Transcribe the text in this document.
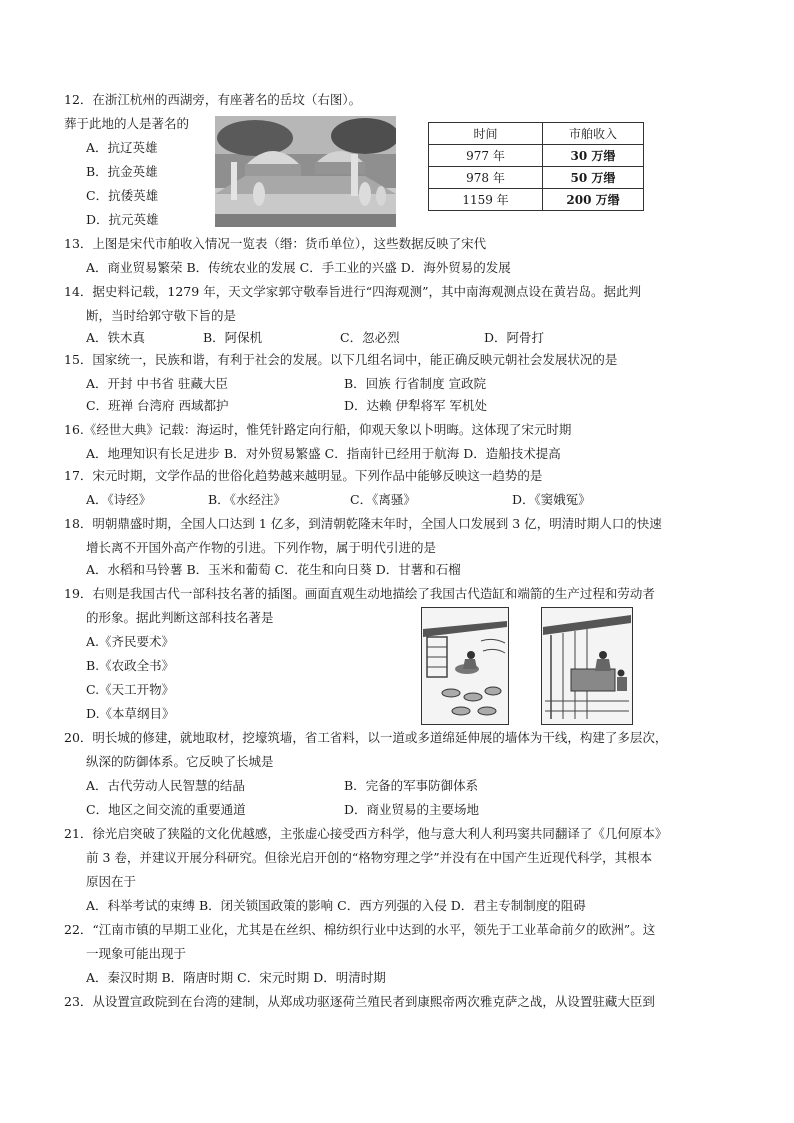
12．在浙江杭州的西湖旁，有座著名的岳坟（右图）。
葬于此地的人是著名的
A．抗辽英雄
B．抗金英雄
C．抗倭英雄
D．抗元英雄
时间	市舶收入
977 年	30 万缗
978 年	50 万缗
1159 年	200 万缗
13．上图是宋代市舶收入情况一览表（缗：货币单位），这些数据反映了宋代
A．商业贸易繁荣 B．传统农业的发展 C．手工业的兴盛 D．海外贸易的发展
14．据史料记载，1279 年，天文学家郭守敬奉旨进行“四海观测”，其中南海观测点设在黄岩岛。据此判
断，当时给郭守敬下旨的是
A．铁木真	B．阿保机	C．忽必烈	D．阿骨打
15．国家统一，民族和谐，有利于社会的发展。以下几组名词中，能正确反映元朝社会发展状况的是
A．开封 中书省 驻藏大臣	B．回族 行省制度 宣政院
C．班禅 台湾府 西域都护	D．达赖 伊犁将军 军机处
16.《经世大典》记载：海运时，惟凭针路定向行船，仰观天象以卜明晦。这体现了宋元时期
A．地理知识有长足进步 B．对外贸易繁盛 C．指南针已经用于航海 D．造船技术提高
17．宋元时期，文学作品的世俗化趋势越来越明显。下列作品中能够反映这一趋势的是
A．《诗经》	B．《水经注》	C．《离骚》	D．《窦娥冤》
18．明朝鼎盛时期，全国人口达到 1 亿多，到清朝乾隆末年时，全国人口发展到 3 亿，明清时期人口的快速
增长离不开国外高产作物的引进。下列作物，属于明代引进的是
A．水稻和马铃薯 B．玉米和葡萄 C．花生和向日葵 D．甘薯和石榴
19．右则是我国古代一部科技名著的插图。画面直观生动地描绘了我国古代造缸和端箭的生产过程和劳动者
的形象。据此判断这部科技名著是
A.《齐民要术》
B.《农政全书》
C.《天工开物》
D.《本草纲目》
20．明长城的修建，就地取材，挖壕筑墙，省工省料，以一道或多道绵延伸展的墙体为干线，构建了多层次，
纵深的防御体系。它反映了长城是
A．古代劳动人民智慧的结晶	B．完备的军事防御体系
C．地区之间交流的重要通道	D．商业贸易的主要场地
21．徐光启突破了狭隘的文化优越感，主张虚心接受西方科学，他与意大利人利玛窦共同翻译了《几何原本》
前 3 卷，并建议开展分科研究。但徐光启开创的“格物穷理之学”并没有在中国产生近现代科学，其根本
原因在于
A．科举考试的束缚 B．闭关锁国政策的影响 C．西方列强的入侵 D．君主专制制度的阻碍
22．“江南市镇的早期工业化，尤其是在丝织、棉纺织行业中达到的水平，领先于工业革命前夕的欧洲”。这
一现象可能出现于
A．秦汉时期 B．隋唐时期 C．宋元时期 D．明清时期
23．从设置宣政院到在台湾的建制，从郑成功驱逐荷兰殖民者到康熙帝两次雅克萨之战，从设置驻藏大臣到
